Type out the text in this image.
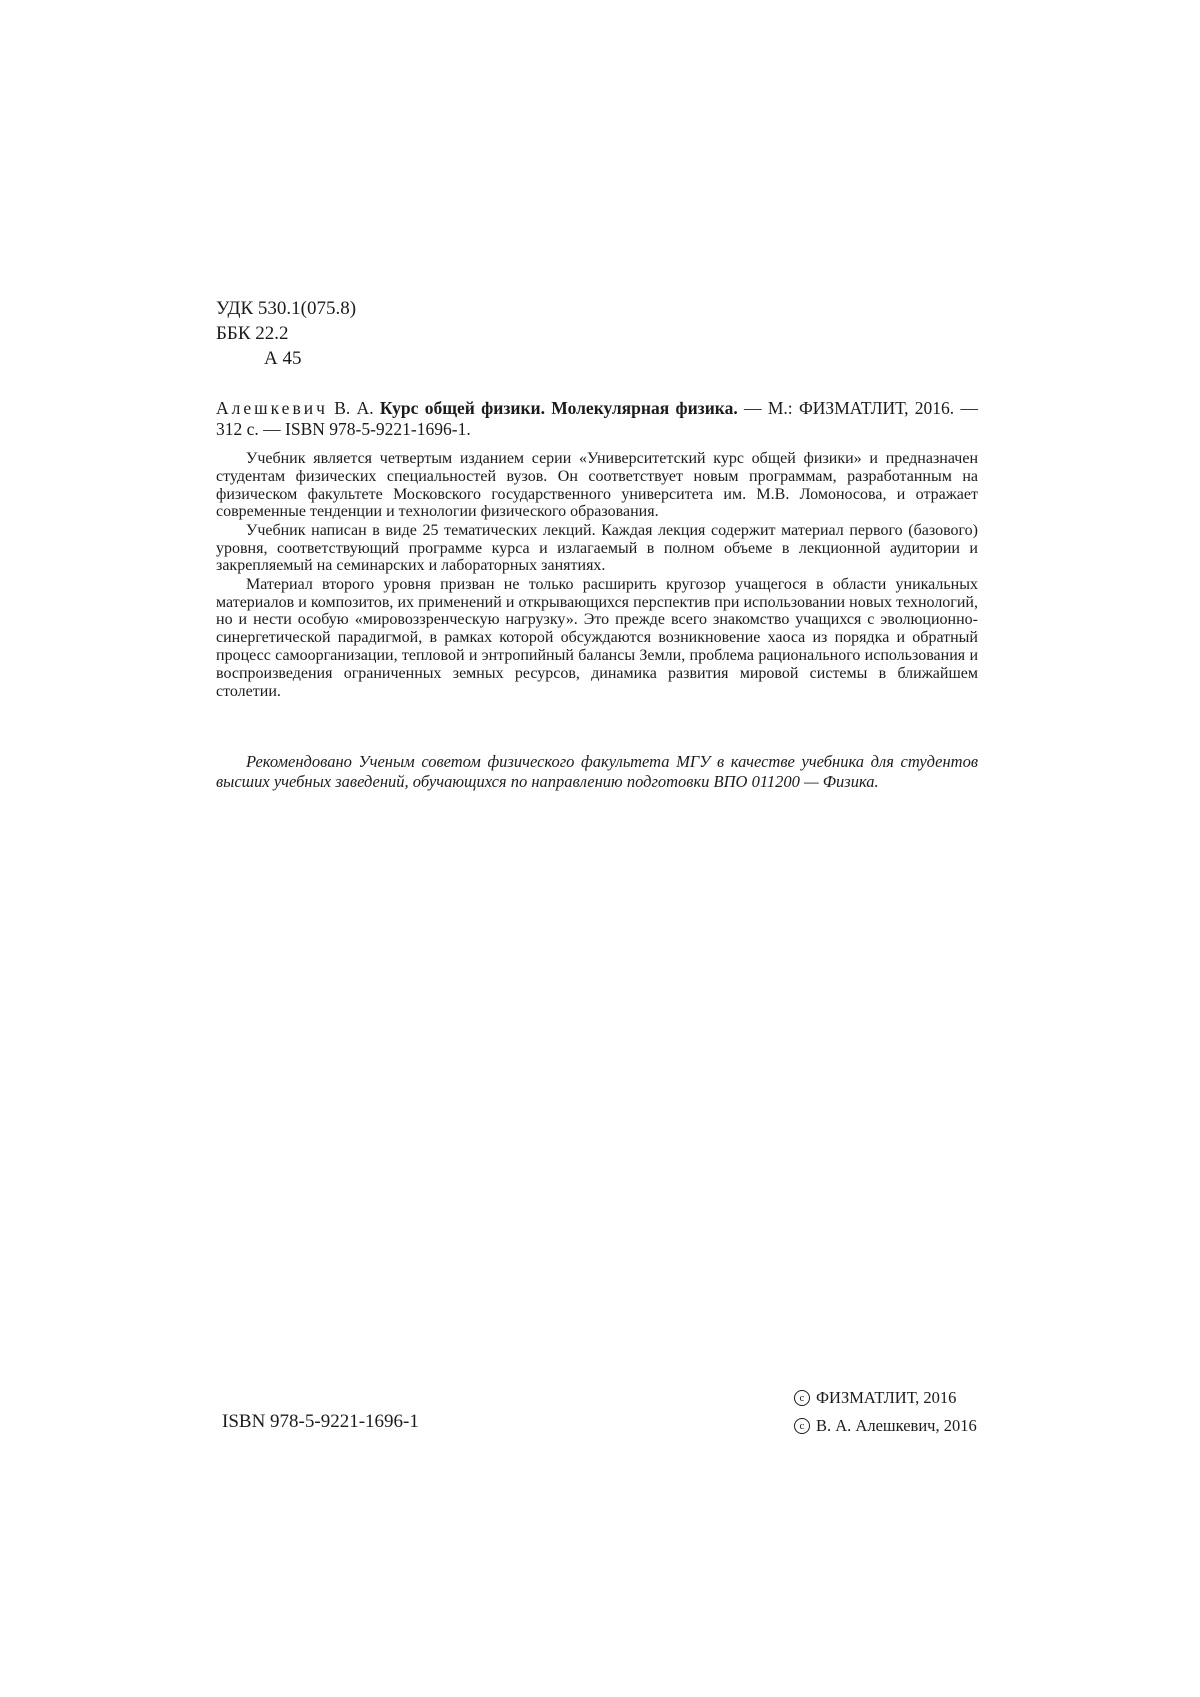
УДК 530.1(075.8)
ББК 22.2
А 45
Алешкевич В. А. Курс общей физики. Молекулярная физика. — М.: ФИЗМАТЛИТ, 2016. — 312 с. — ISBN 978-5-9221-1696-1.

Учебник является четвертым изданием серии «Университетский курс общей физики» и предназначен студентам физических специальностей вузов. Он соответствует новым программам, разработанным на физическом факультете Московского государственного университета им. М.В. Ломоносова, и отражает современные тенденции и технологии физического образования.

Учебник написан в виде 25 тематических лекций. Каждая лекция содержит материал первого (базового) уровня, соответствующий программе курса и излагаемый в полном объеме в лекционной аудитории и закрепляемый на семинарских и лабораторных занятиях.

Материал второго уровня призван не только расширить кругозор учащегося в области уникальных материалов и композитов, их применений и открывающихся перспектив при использовании новых технологий, но и нести особую «мировоззренческую нагрузку». Это прежде всего знакомство учащихся с эволюционно-синергетической парадигмой, в рамках которой обсуждаются возникновение хаоса из порядка и обратный процесс самоорганизации, тепловой и энтропийный балансы Земли, проблема рационального использования и воспроизведения ограниченных земных ресурсов, динамика развития мировой системы в ближайшем столетии.

Рекомендовано Ученым советом физического факультета МГУ в качестве учебника для студентов высших учебных заведений, обучающихся по направлению подготовки ВПО 011200 — Физика.
ISBN 978-5-9221-1696-1
c ФИЗМАТЛИТ, 2016
c В. А. Алешкевич, 2016
